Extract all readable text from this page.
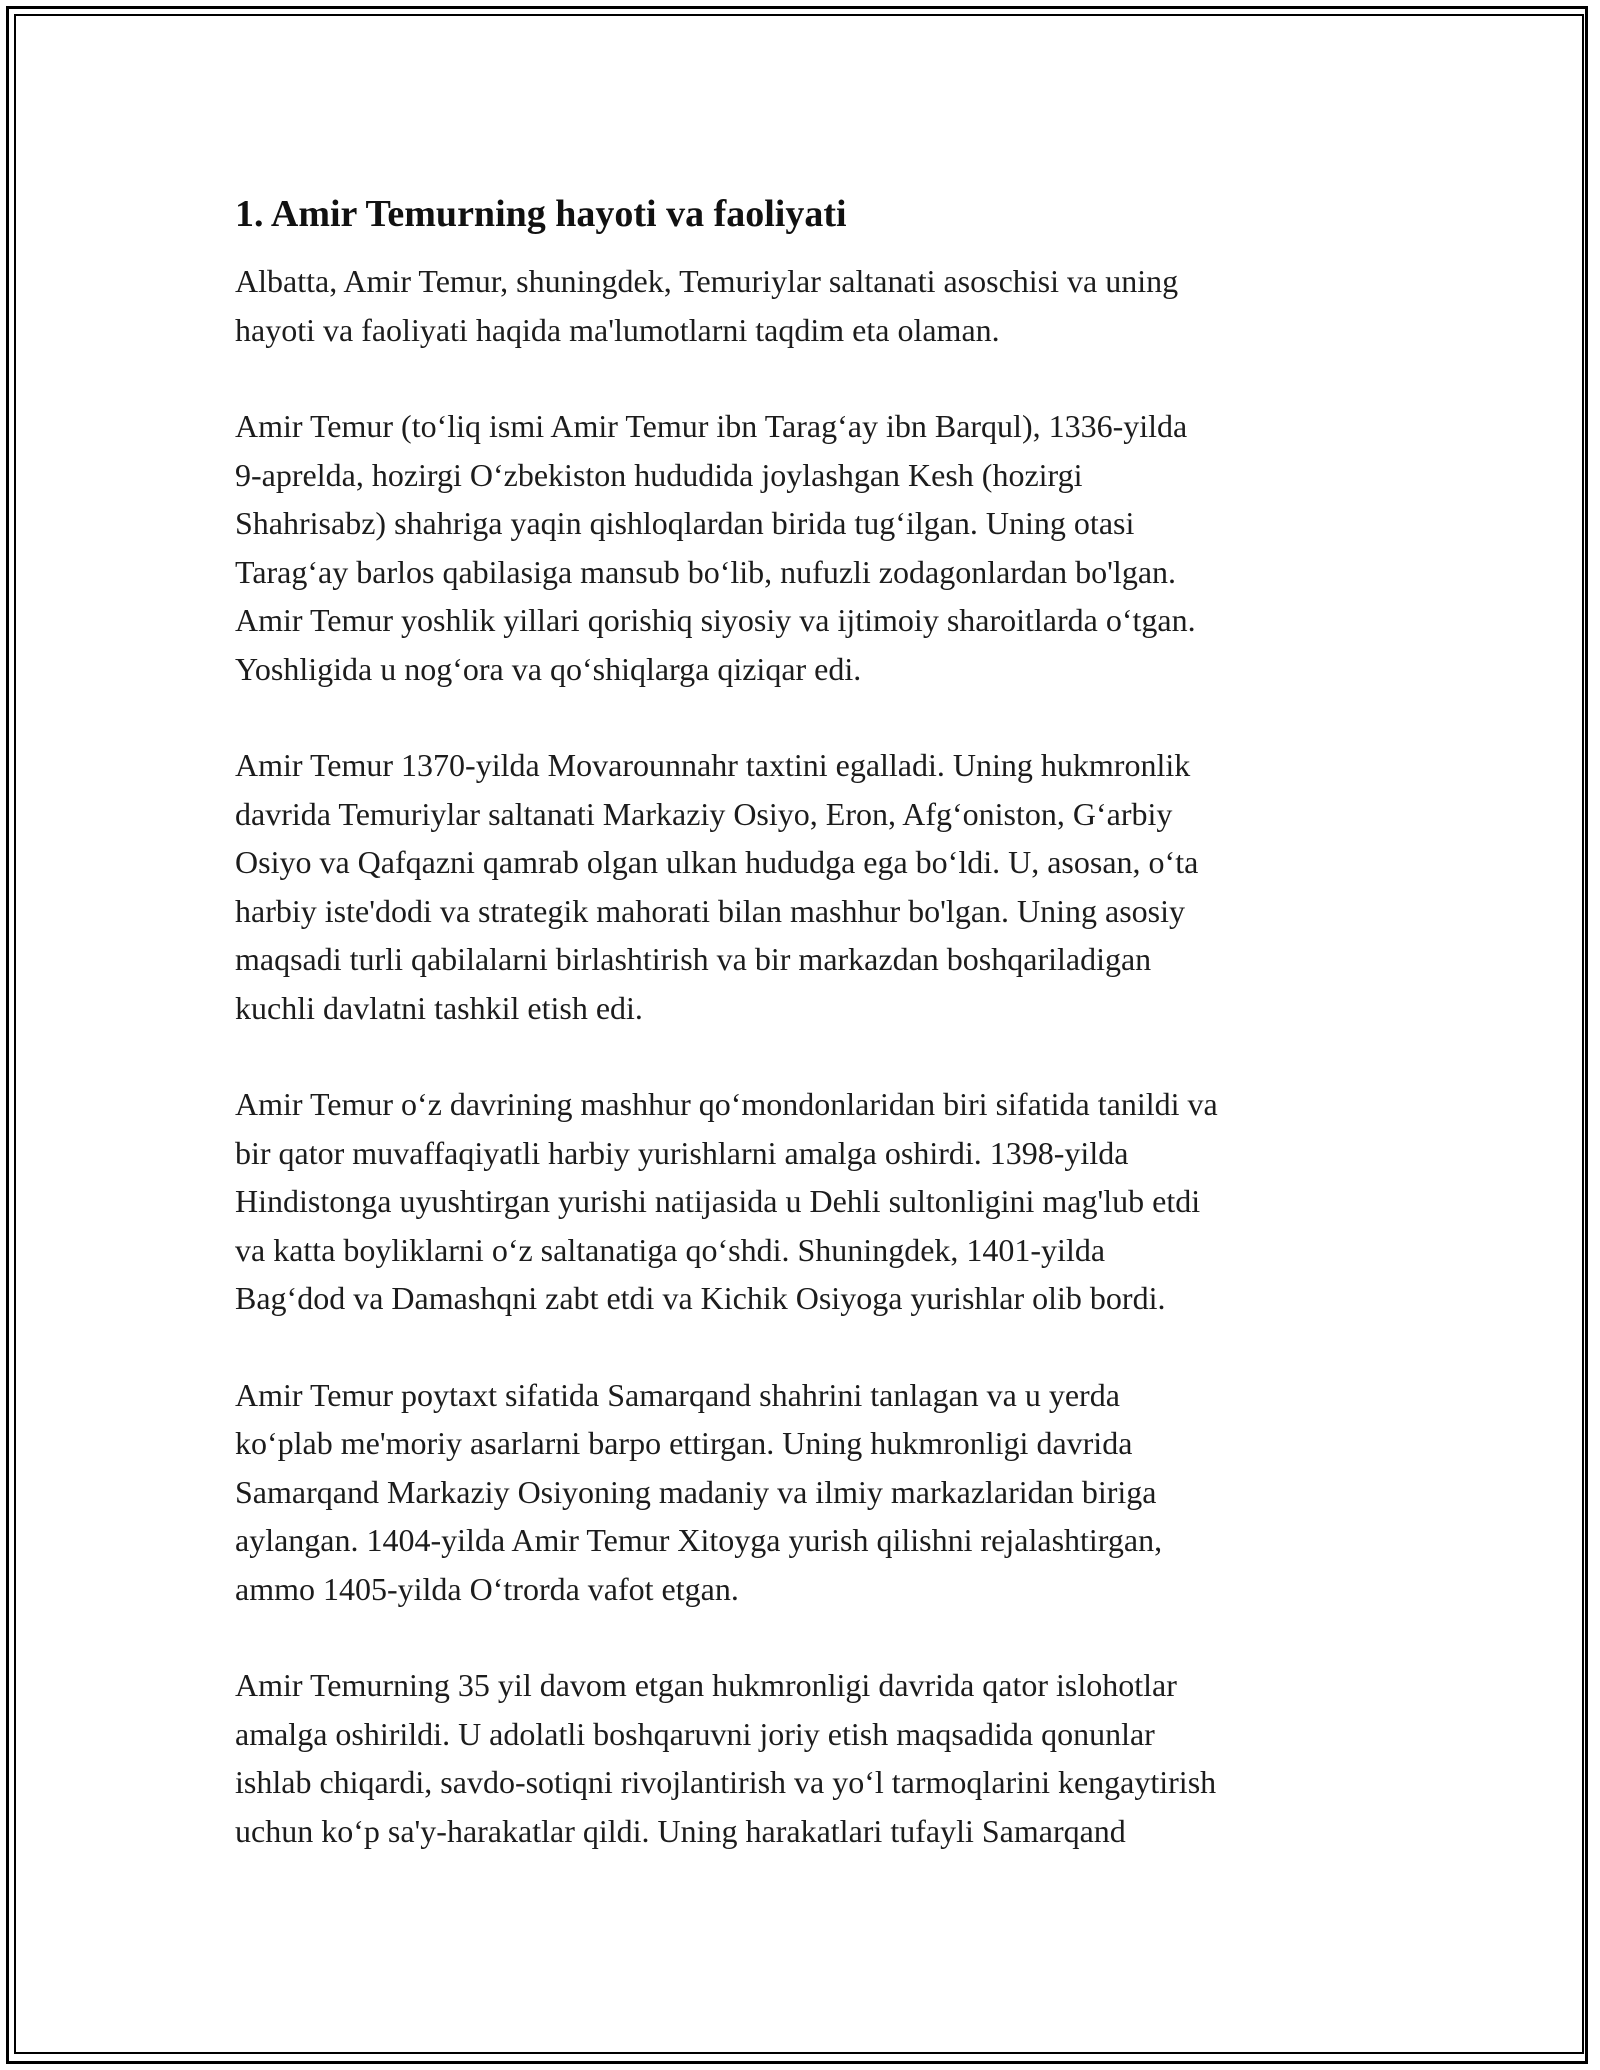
1. Amir Temurning hayoti va faoliyati

Albatta, Amir Temur, shuningdek, Temuriylar saltanati asoschisi va uning
hayoti va faoliyati haqida ma'lumotlarni taqdim eta olaman.

Amir Temur (to‘liq ismi Amir Temur ibn Tarag‘ay ibn Barqul), 1336-yilda
9-aprelda, hozirgi O‘zbekiston hududida joylashgan Kesh (hozirgi
Shahrisabz) shahriga yaqin qishloqlardan birida tug‘ilgan. Uning otasi
Tarag‘ay barlos qabilasiga mansub bo‘lib, nufuzli zodagonlardan bo'lgan.
Amir Temur yoshlik yillari qorishiq siyosiy va ijtimoiy sharoitlarda o‘tgan.
Yoshligida u nog‘ora va qo‘shiqlarga qiziqar edi.

Amir Temur 1370-yilda Movarounnahr taxtini egalladi. Uning hukmronlik
davrida Temuriylar saltanati Markaziy Osiyo, Eron, Afg‘oniston, G‘arbiy
Osiyo va Qafqazni qamrab olgan ulkan hududga ega bo‘ldi. U, asosan, o‘ta
harbiy iste'dodi va strategik mahorati bilan mashhur bo'lgan. Uning asosiy
maqsadi turli qabilalarni birlashtirish va bir markazdan boshqariladigan
kuchli davlatni tashkil etish edi.

Amir Temur o‘z davrining mashhur qo‘mondonlaridan biri sifatida tanildi va
bir qator muvaffaqiyatli harbiy yurishlarni amalga oshirdi. 1398-yilda
Hindistonga uyushtirgan yurishi natijasida u Dehli sultonligini mag'lub etdi
va katta boyliklarni o‘z saltanatiga qo‘shdi. Shuningdek, 1401-yilda
Bag‘dod va Damashqni zabt etdi va Kichik Osiyoga yurishlar olib bordi.

Amir Temur poytaxt sifatida Samarqand shahrini tanlagan va u yerda
ko‘plab me'moriy asarlarni barpo ettirgan. Uning hukmronligi davrida
Samarqand Markaziy Osiyoning madaniy va ilmiy markazlaridan biriga
aylangan. 1404-yilda Amir Temur Xitoyga yurish qilishni rejalashtirgan,
ammo 1405-yilda O‘trorda vafot etgan.

Amir Temurning 35 yil davom etgan hukmronligi davrida qator islohotlar
amalga oshirildi. U adolatli boshqaruvni joriy etish maqsadida qonunlar
ishlab chiqardi, savdo-sotiqni rivojlantirish va yo‘l tarmoqlarini kengaytirish
uchun ko‘p sa'y-harakatlar qildi. Uning harakatlari tufayli Samarqand
